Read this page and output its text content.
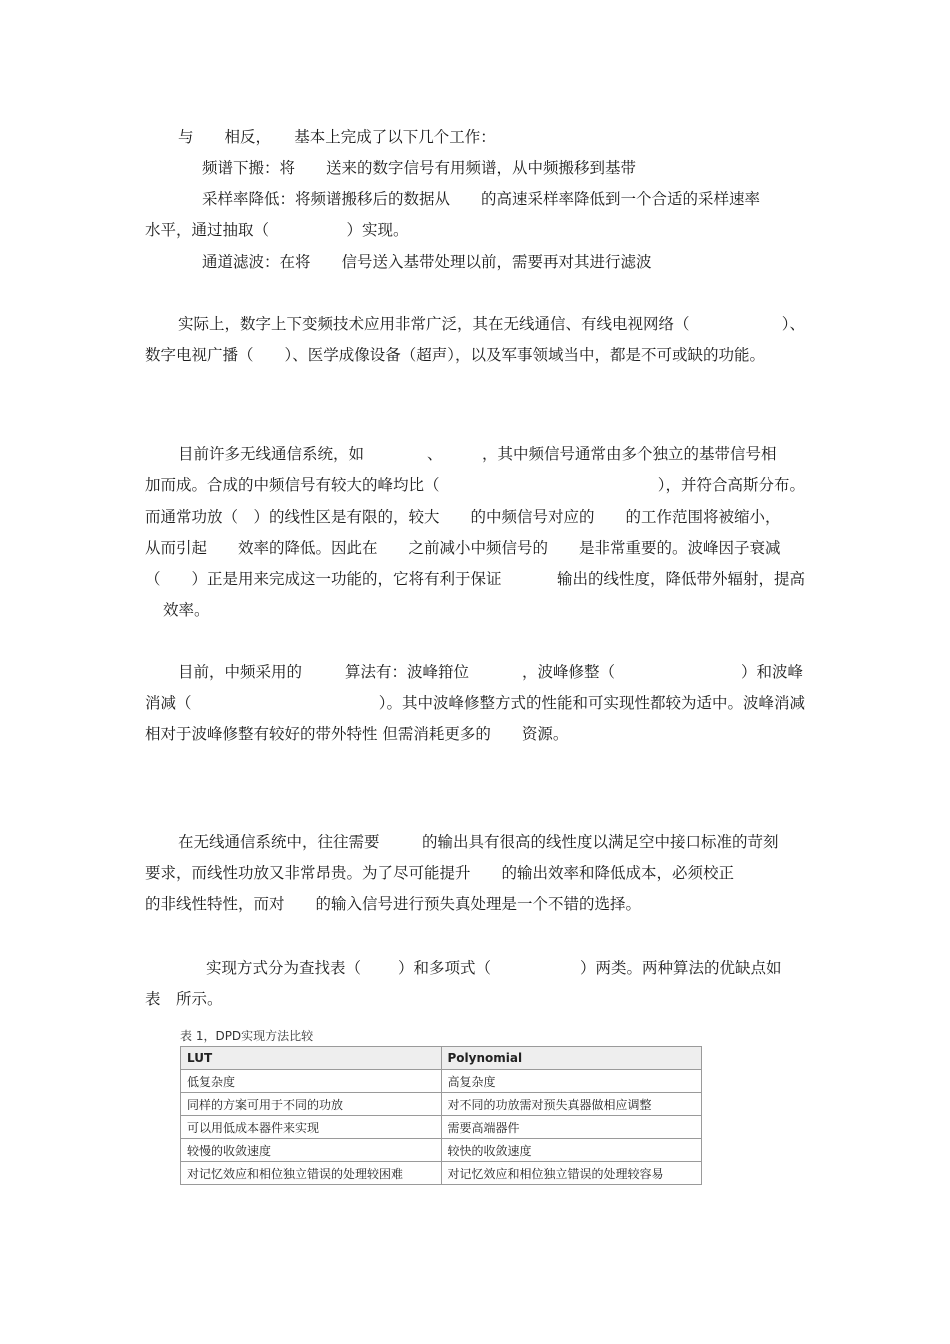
与　　相反，　　基本上完成了以下几个工作：
频谱下搬：将　　送来的数字信号有用频谱，从中频搬移到基带
采样率降低：将频谱搬移后的数据从　　的高速采样率降低到一个合适的采样速率
水平，通过抽取（　　　　　）实现。
通道滤波：在将　　信号送入基带处理以前，需要再对其进行滤波
实际上，数字上下变频技术应用非常广泛，其在无线通信、有线电视网络（	）、
数字电视广播（　　）、医学成像设备（超声），以及军事领域当中，都是不可或缺的功能。
目前许多无线通信系统，如	、	，其中频信号通常由多个独立的基带信号相
加而成。合成的中频信号有较大的峰均比（	），并符合高斯分布。
而通常功放（　）的线性区是有限的，较大　　的中频信号对应的　　的工作范围将被缩小，
从而引起　　效率的降低。因此在　　之前减小中频信号的　　是非常重要的。波峰因子衰减
（　　）正是用来完成这一功能的，它将有利于保证	输出的线性度，降低带外辐射，提高
效率。
目前，中频采用的	算法有：波峰箝位	，波峰修整（	）和波峰
消减（	）。其中波峰修整方式的性能和可实现性都较为适中。波峰消减
相对于波峰修整有较好的带外特性 但需消耗更多的　　资源。
在无线通信系统中，往往需要	的输出具有很高的线性度以满足空中接口标准的苛刻
要求，而线性功放又非常昂贵。为了尽可能提升　　的输出效率和降低成本，必须校正
的非线性特性，而对　　的输入信号进行预失真处理是一个不错的选择。
实现方式分为查找表（ ）和多项式（	）两类。两种算法的优缺点如
表　所示。
表 1，DPD实现方法比较
LUT	Polynomial
低复杂度	高复杂度
同样的方案可用于不同的功放	对不同的功放需对预失真器做相应调整
可以用低成本器件来实现	需要高端器件
较慢的收敛速度	较快的收敛速度
对记忆效应和相位独立错误的处理较困难	对记忆效应和相位独立错误的处理较容易
